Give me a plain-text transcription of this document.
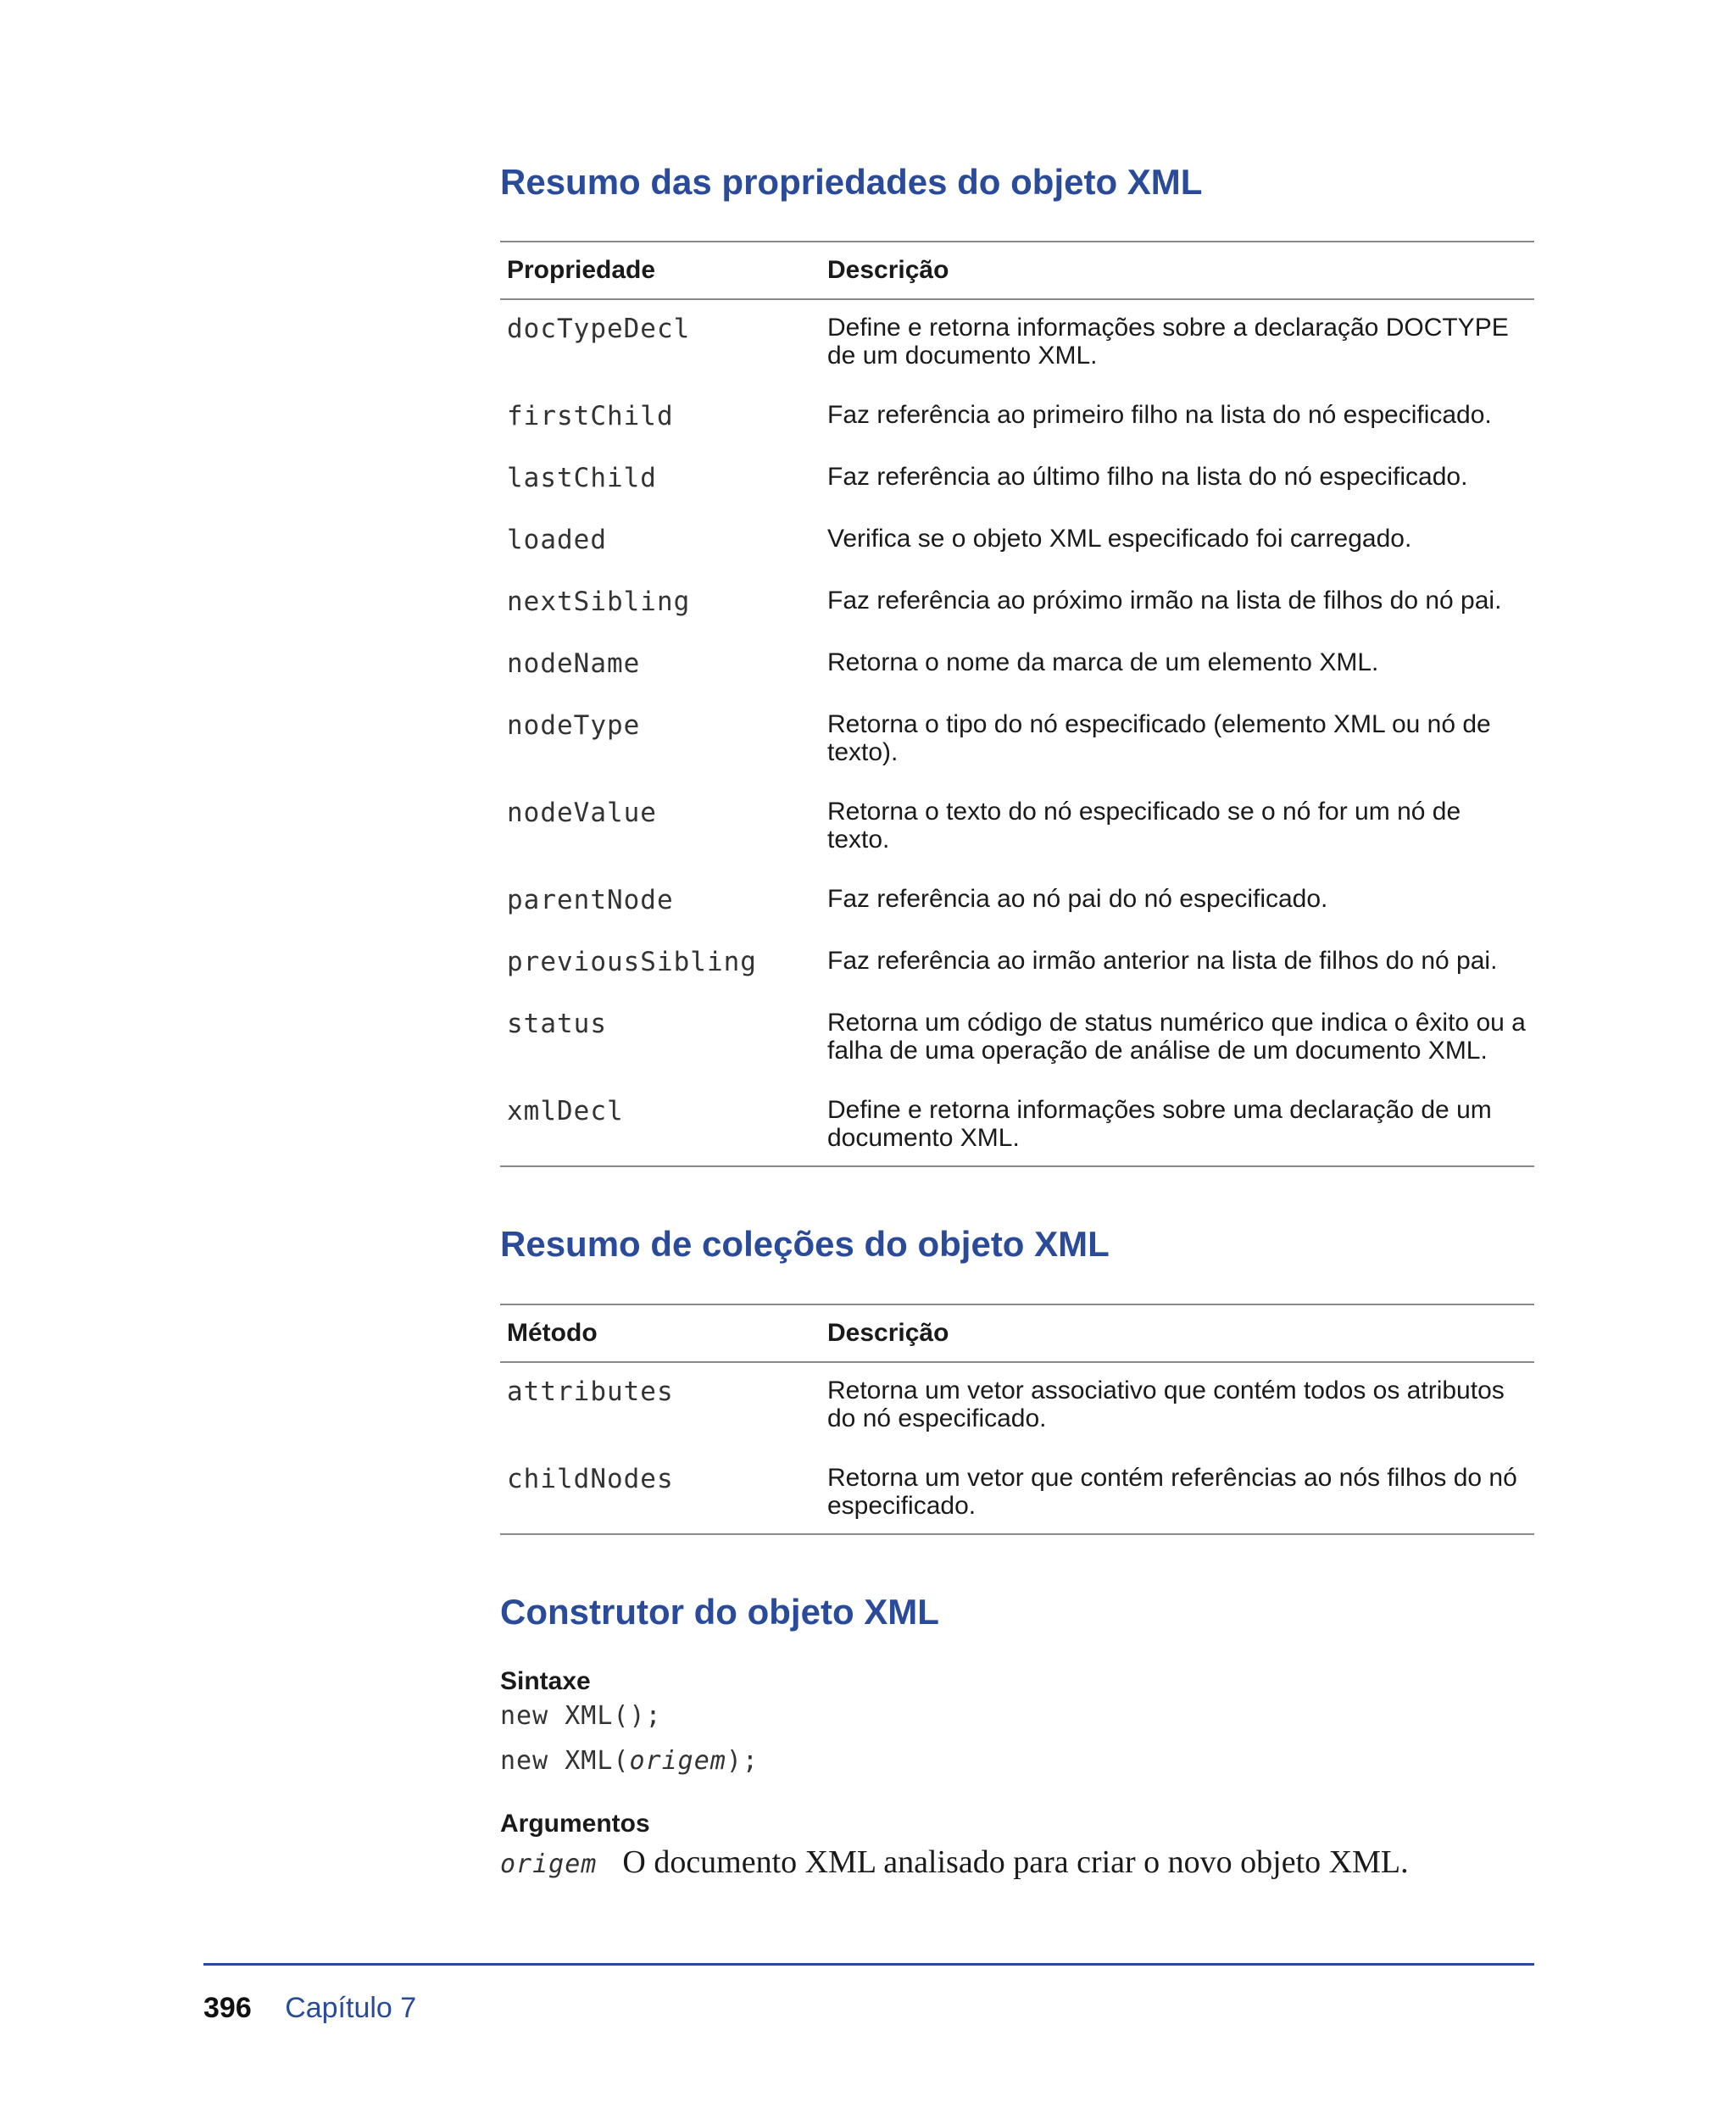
Resumo das propriedades do objeto XML
Propriedade	Descrição
docTypeDecl	Define e retorna informações sobre a declaração DOCTYPE de um documento XML.
firstChild	Faz referência ao primeiro filho na lista do nó especificado.
lastChild	Faz referência ao último filho na lista do nó especificado.
loaded	Verifica se o objeto XML especificado foi carregado.
nextSibling	Faz referência ao próximo irmão na lista de filhos do nó pai.
nodeName	Retorna o nome da marca de um elemento XML.
nodeType	Retorna o tipo do nó especificado (elemento XML ou nó de texto).
nodeValue	Retorna o texto do nó especificado se o nó for um nó de texto.
parentNode	Faz referência ao nó pai do nó especificado.
previousSibling	Faz referência ao irmão anterior na lista de filhos do nó pai.
status	Retorna um código de status numérico que indica o êxito ou a falha de uma operação de análise de um documento XML.
xmlDecl	Define e retorna informações sobre uma declaração de um documento XML.
Resumo de coleções do objeto XML
Método	Descrição
attributes	Retorna um vetor associativo que contém todos os atributos do nó especificado.
childNodes	Retorna um vetor que contém referências ao nós filhos do nó especificado.
Construtor do objeto XML
Sintaxe
new XML();
new XML(origem);
Argumentos
origem O documento XML analisado para criar o novo objeto XML.
396 Capítulo 7
